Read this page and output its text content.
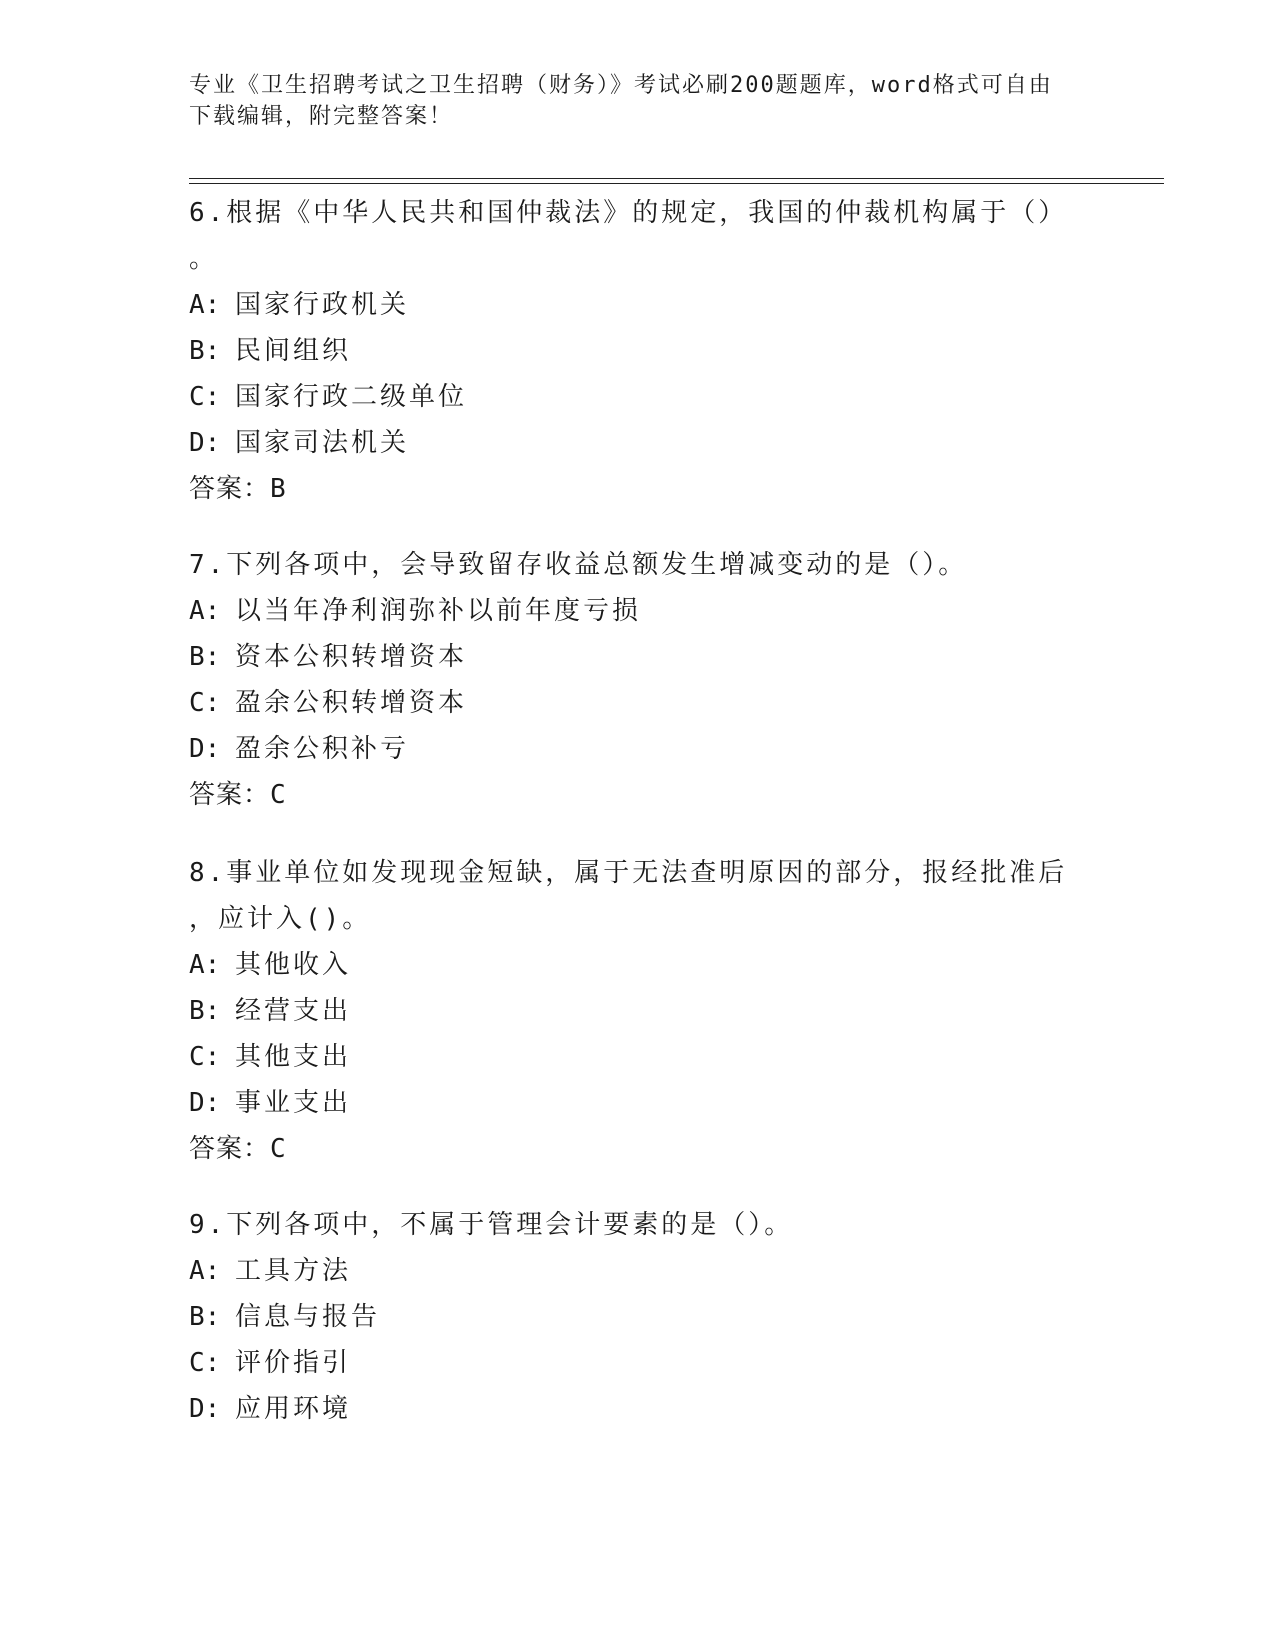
专业《卫生招聘考试之卫生招聘（财务）》考试必刷200题题库，word格式可自由下载编辑，附完整答案！

6.根据《中华人民共和国仲裁法》的规定，我国的仲裁机构属于（）
。

A: 国家行政机关

B: 民间组织

C: 国家行政二级单位

D: 国家司法机关

答案：B

7.下列各项中，会导致留存收益总额发生增减变动的是（）。

A: 以当年净利润弥补以前年度亏损

B: 资本公积转增资本

C: 盈余公积转增资本

D: 盈余公积补亏

答案：C

8.事业单位如发现现金短缺，属于无法查明原因的部分，报经批准后
，应计入()。

A: 其他收入

B: 经营支出

C: 其他支出

D: 事业支出

答案：C

9.下列各项中，不属于管理会计要素的是（）。

A: 工具方法

B: 信息与报告

C: 评价指引

D: 应用环境
